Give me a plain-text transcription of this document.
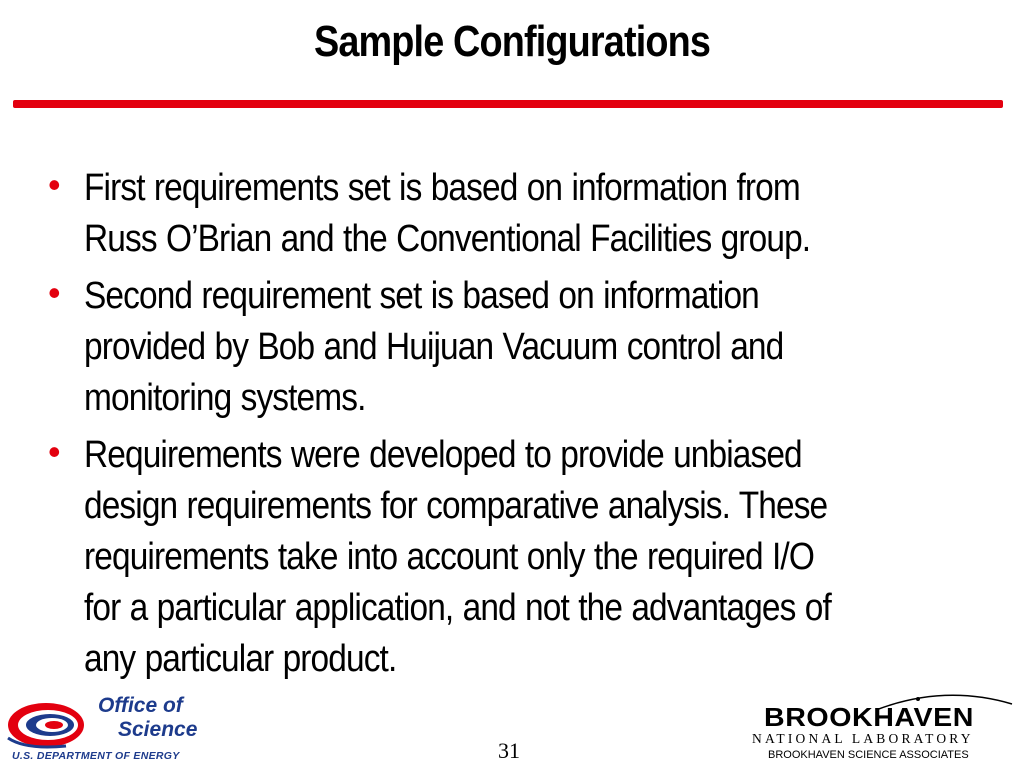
Sample Configurations
• First requirements set is based on information from
Russ O’Brian and the Conventional Facilities group.
• Second requirement set is based on information
provided by Bob and Huijuan Vacuum control and
monitoring systems.
• Requirements were developed to provide unbiased
design requirements for comparative analysis. These
requirements take into account only the required I/O
for a particular application, and not the advantages of
any particular product.
Office of
Science
U.S. DEPARTMENT OF ENERGY	31
BROOKHAVEN
NATIONAL LABORATORY
BROOKHAVEN SCIENCE ASSOCIATES
